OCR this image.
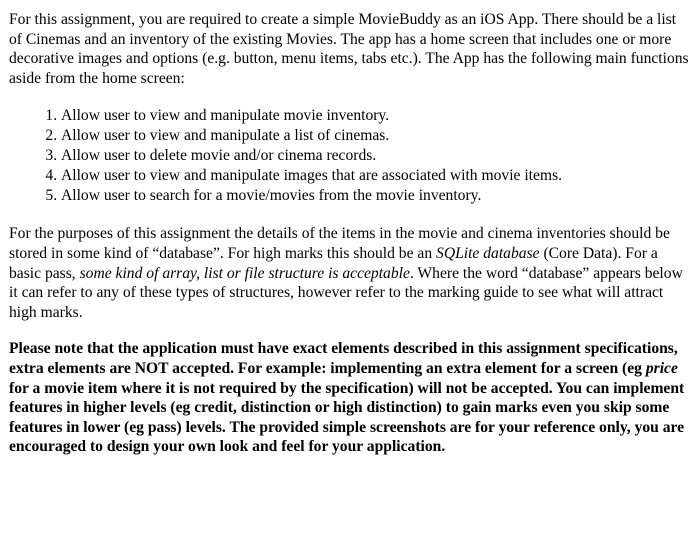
For this assignment, you are required to create a simple MovieBuddy as an iOS App. There should be a list of Cinemas and an inventory of the existing Movies. The app has a home screen that includes one or more decorative images and options (e.g. button, menu items, tabs etc.). The App has the following main functions aside from the home screen:

1. Allow user to view and manipulate movie inventory.
2. Allow user to view and manipulate a list of cinemas.
3. Allow user to delete movie and/or cinema records.
4. Allow user to view and manipulate images that are associated with movie items.
5. Allow user to search for a movie/movies from the movie inventory.

For the purposes of this assignment the details of the items in the movie and cinema inventories should be stored in some kind of “database”. For high marks this should be an SQLite database (Core Data). For a basic pass, some kind of array, list or file structure is acceptable. Where the word “database” appears below it can refer to any of these types of structures, however refer to the marking guide to see what will attract high marks.

Please note that the application must have exact elements described in this assignment specifications, extra elements are NOT accepted. For example: implementing an extra element for a screen (eg price for a movie item where it is not required by the specification) will not be accepted. You can implement features in higher levels (eg credit, distinction or high distinction) to gain marks even you skip some features in lower (eg pass) levels. The provided simple screenshots are for your reference only, you are encouraged to design your own look and feel for your application.
